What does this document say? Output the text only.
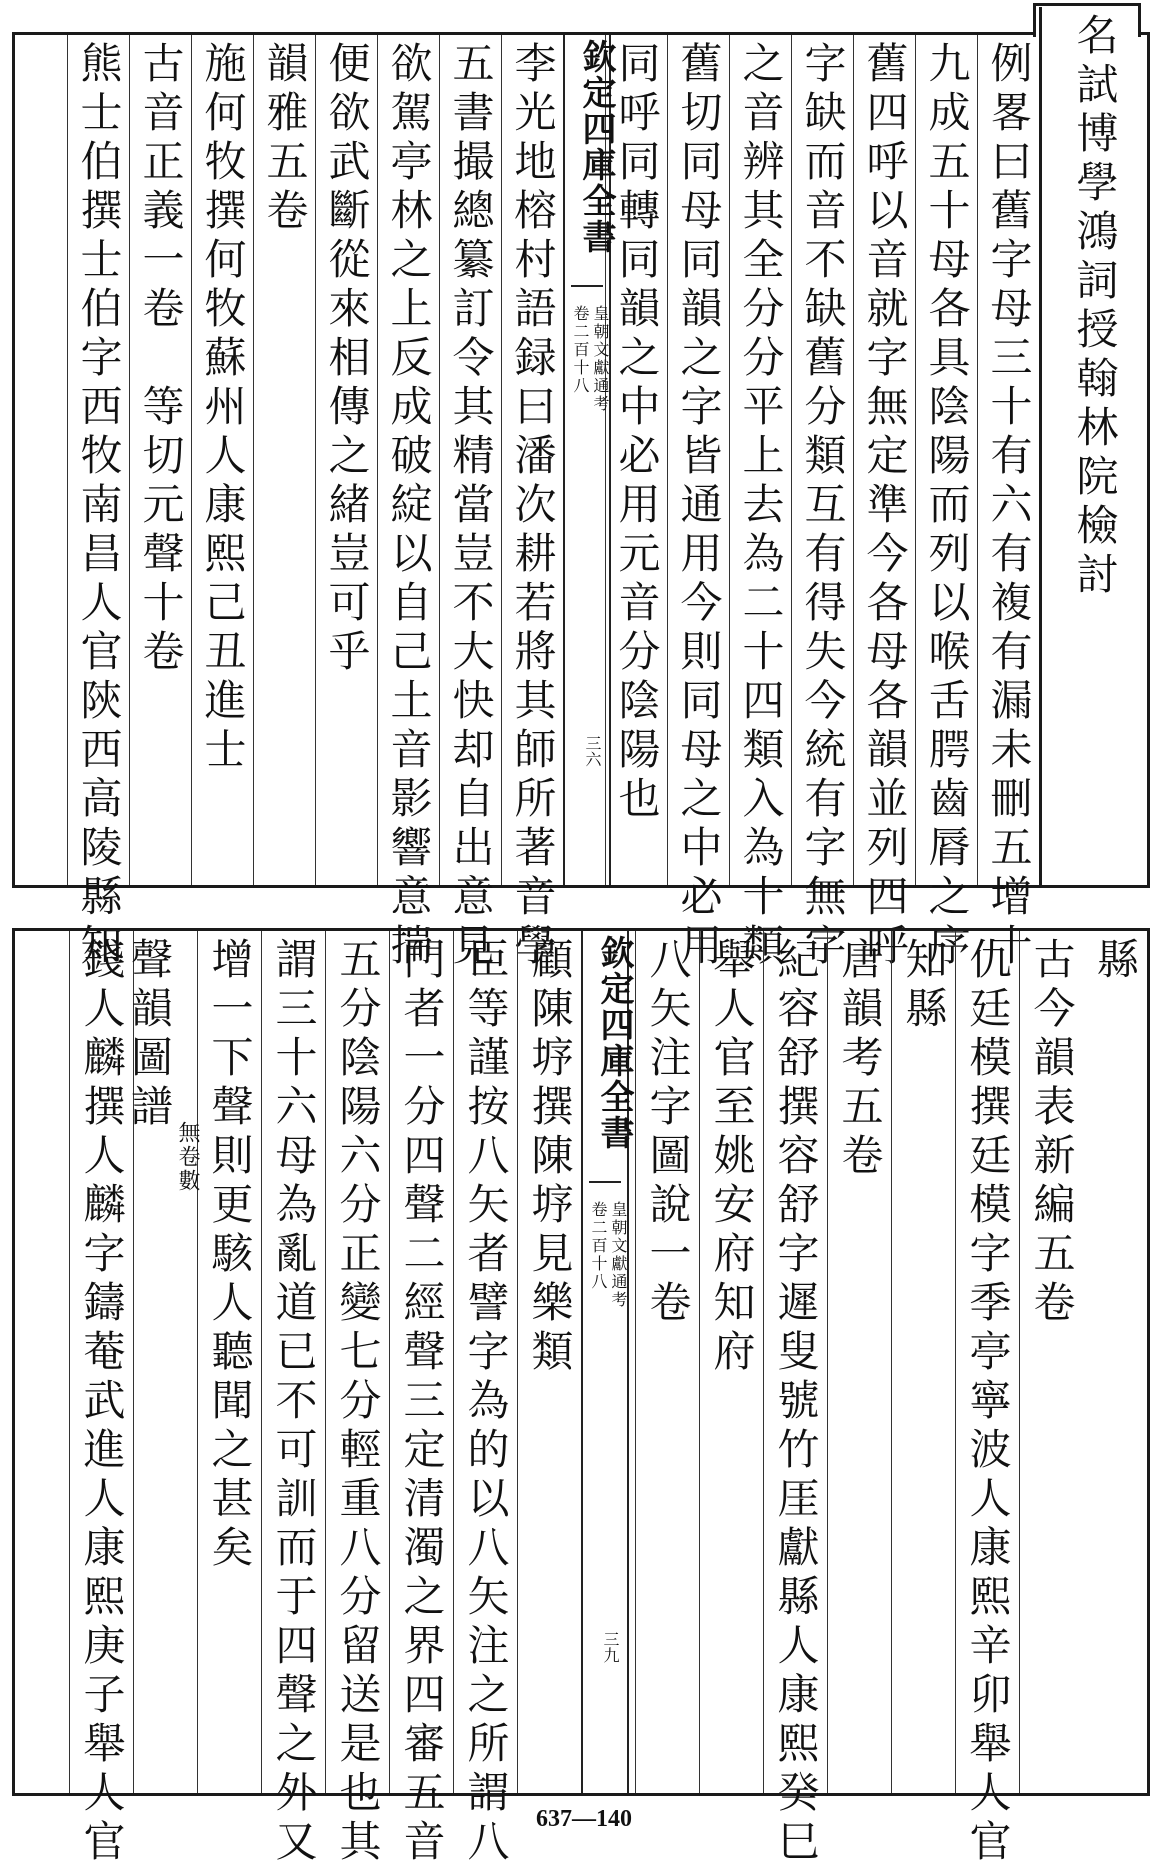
名試博學鴻詞授翰林院檢討
例畧曰舊字母三十有六有複有漏未刪五增十
九成五十母各具陰陽而列以喉舌腭齒脣之序
舊四呼以音就字無定準今各母各韻並列四呼
字缺而音不缺舊分類互有得失今統有字無字
之音辨其全分分平上去為二十四類入為十類
舊切同母同韻之字皆通用今則同母之中必用
同呼同轉同韻之中必用元音分陰陽也
欽定四庫全書
皇朝文獻通考
卷二百十八
三六
李光地榕村語録曰潘次耕若將其師所著音學
五書撮總纂訂令其精當豈不大快却自出意見
欲駕亭林之上反成破綻以自己土音影響意揣
便欲武斷從來相傳之緒豈可乎
韻雅五卷
施何牧撰何牧蘇州人康熙己丑進士
古音正義一卷　等切元聲十卷
熊士伯撰士伯字西牧南昌人官陝西高陵縣知	縣
古今韻表新編五卷
仇廷模撰廷模字季亭寧波人康熙辛卯舉人官
知縣
唐韻考五卷
紀容舒撰容舒字遲叟號竹厓獻縣人康熙癸巳
舉人官至姚安府知府
八矢注字圖說一卷
欽定四庫全書
皇朝文獻通考
卷二百十八
三九
顧陳垿撰陳垿見樂類
臣等謹按八矢者譬字為的以八矢注之所謂八
門者一分四聲二經聲三定清濁之界四審五音
五分陰陽六分正變七分輕重八分留送是也其
謂三十六母為亂道已不可訓而于四聲之外又
增一下聲則更駭人聽聞之甚矣
聲韻圖譜
無卷數
錢人麟撰人麟字鑄菴武進人康熙庚子舉人官	637—140
